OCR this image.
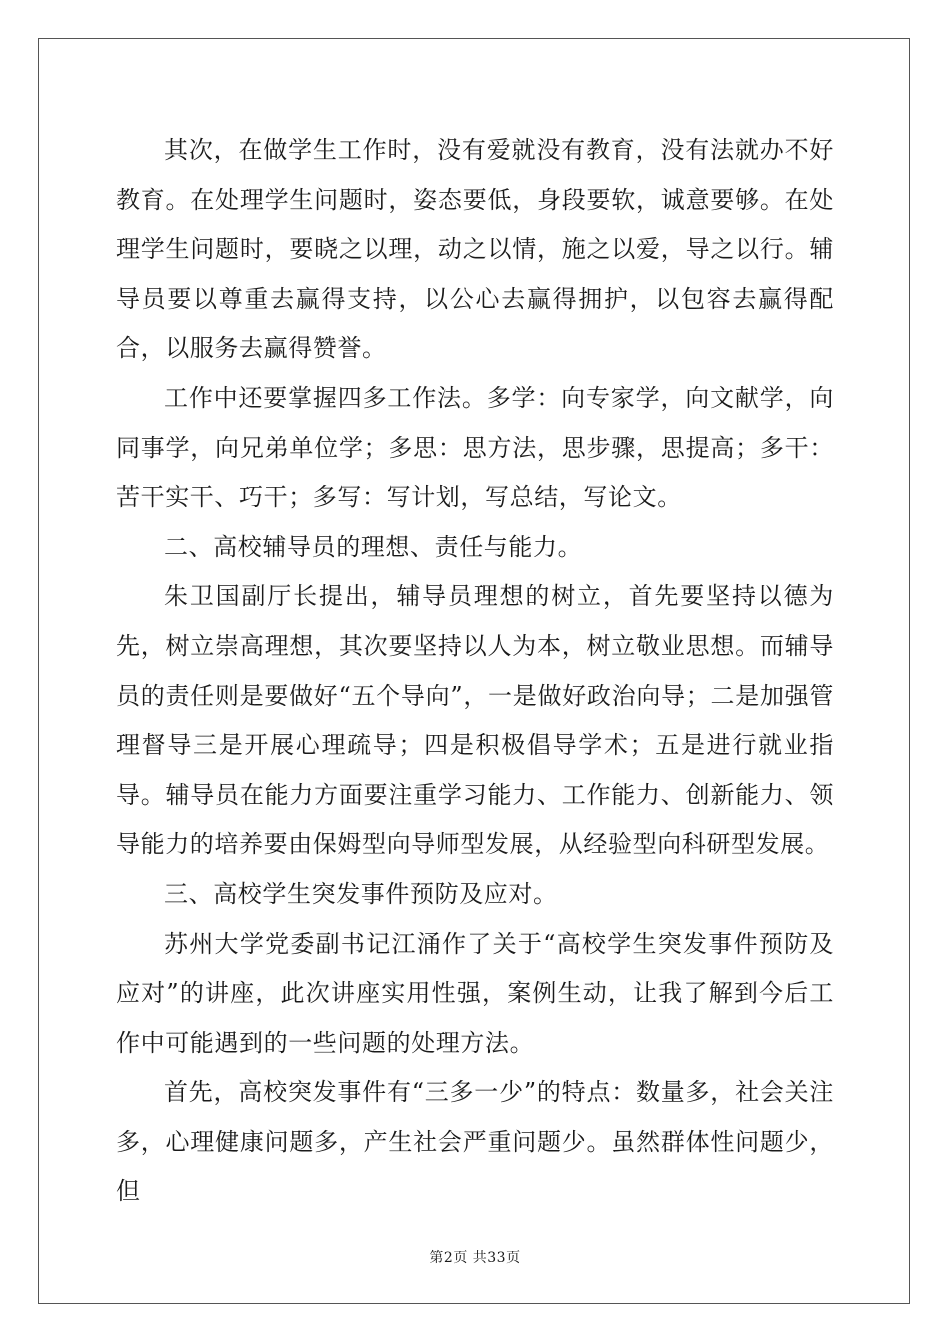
其次，在做学生工作时，没有爱就没有教育，没有法就办不好教育。在处理学生问题时，姿态要低，身段要软，诚意要够。在处理学生问题时，要晓之以理，动之以情，施之以爱，导之以行。辅导员要以尊重去赢得支持，以公心去赢得拥护，以包容去赢得配合，以服务去赢得赞誉。

工作中还要掌握四多工作法。多学：向专家学，向文献学，向同事学，向兄弟单位学；多思：思方法，思步骤，思提高；多干：苦干实干、巧干；多写：写计划，写总结，写论文。

二、高校辅导员的理想、责任与能力。

朱卫国副厅长提出，辅导员理想的树立，首先要坚持以德为先，树立崇高理想，其次要坚持以人为本，树立敬业思想。而辅导员的责任则是要做好“五个导向”，一是做好政治向导；二是加强管理督导三是开展心理疏导；四是积极倡导学术；五是进行就业指导。辅导员在能力方面要注重学习能力、工作能力、创新能力、领导能力的培养要由保姆型向导师型发展，从经验型向科研型发展。

三、高校学生突发事件预防及应对。

苏州大学党委副书记江涌作了关于“高校学生突发事件预防及应对”的讲座，此次讲座实用性强，案例生动，让我了解到今后工作中可能遇到的一些问题的处理方法。

首先，高校突发事件有“三多一少”的特点：数量多，社会关注多，心理健康问题多，产生社会严重问题少。虽然群体性问题少，但

第2页 共33页
